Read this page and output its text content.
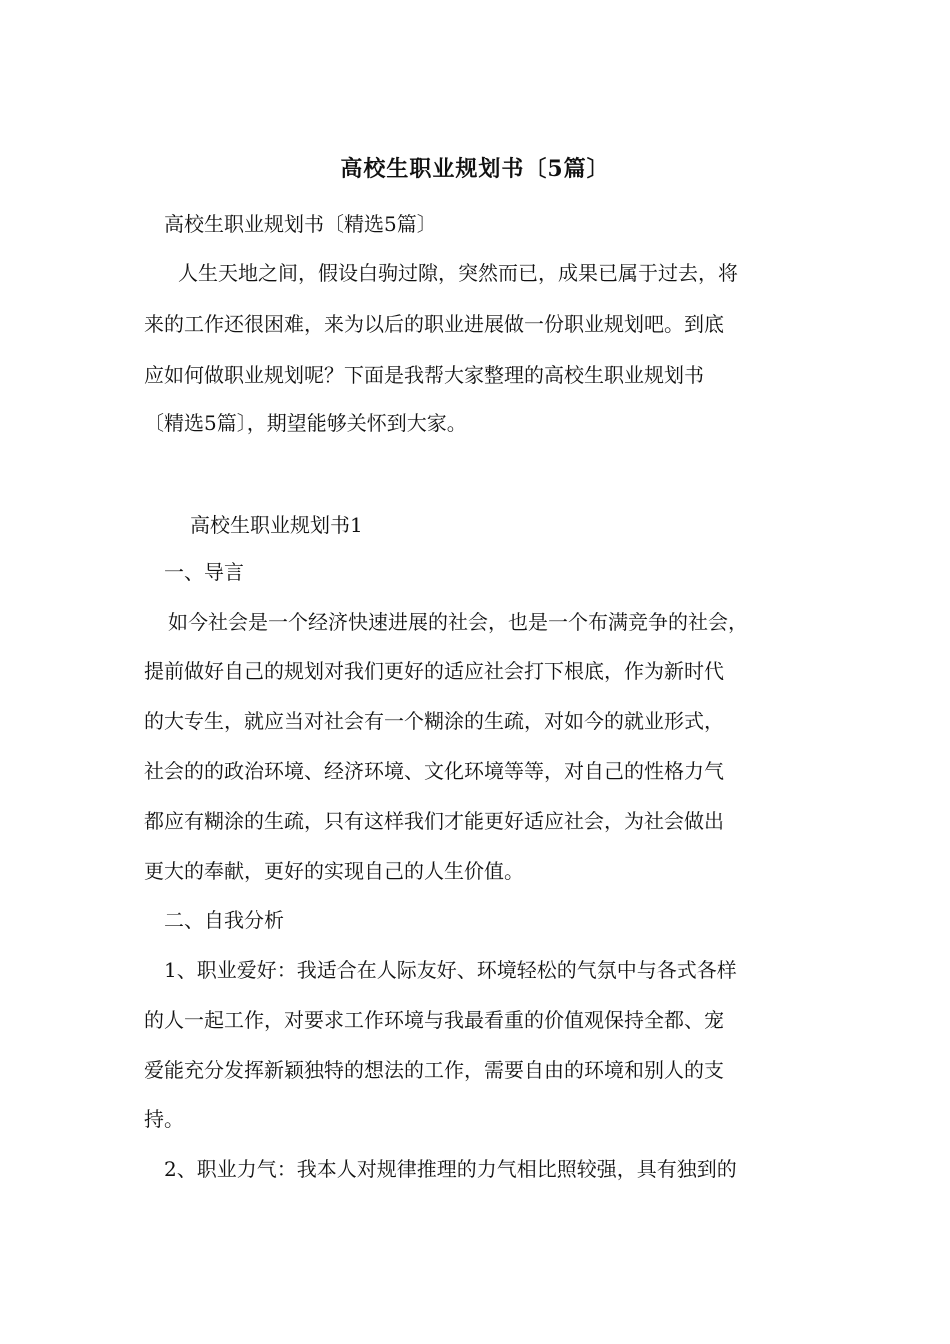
高校生职业规划书〔5篇〕
高校生职业规划书〔精选5篇〕
人生天地之间，假设白驹过隙，突然而已，成果已属于过去，将
来的工作还很困难，来为以后的职业进展做一份职业规划吧。到底
应如何做职业规划呢？下面是我帮大家整理的高校生职业规划书
〔精选5篇〕，期望能够关怀到大家。
高校生职业规划书1
一、导言
如今社会是一个经济快速进展的社会，也是一个布满竞争的社会，
提前做好自己的规划对我们更好的适应社会打下根底，作为新时代
的大专生，就应当对社会有一个糊涂的生疏，对如今的就业形式，
社会的的政治环境、经济环境、文化环境等等，对自己的性格力气
都应有糊涂的生疏，只有这样我们才能更好适应社会，为社会做出
更大的奉献，更好的实现自己的人生价值。
二、自我分析
1、职业爱好：我适合在人际友好、环境轻松的气氛中与各式各样
的人一起工作，对要求工作环境与我最看重的价值观保持全都、宠
爱能充分发挥新颖独特的想法的工作，需要自由的环境和别人的支
持。
2、职业力气：我本人对规律推理的力气相比照较强，具有独到的
